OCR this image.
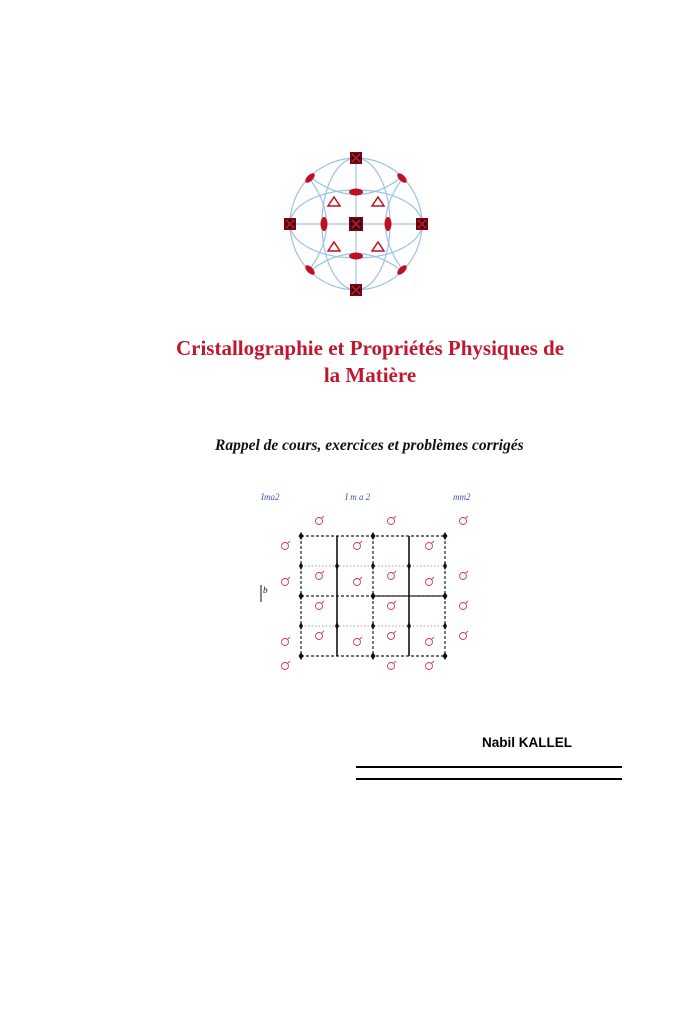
Cristallographie et Propriétés Physiques de
la Matière
Rappel de cours, exercices et problèmes corrigés
Ima2	I m a 2	mm2
b
Nabil KALLEL
